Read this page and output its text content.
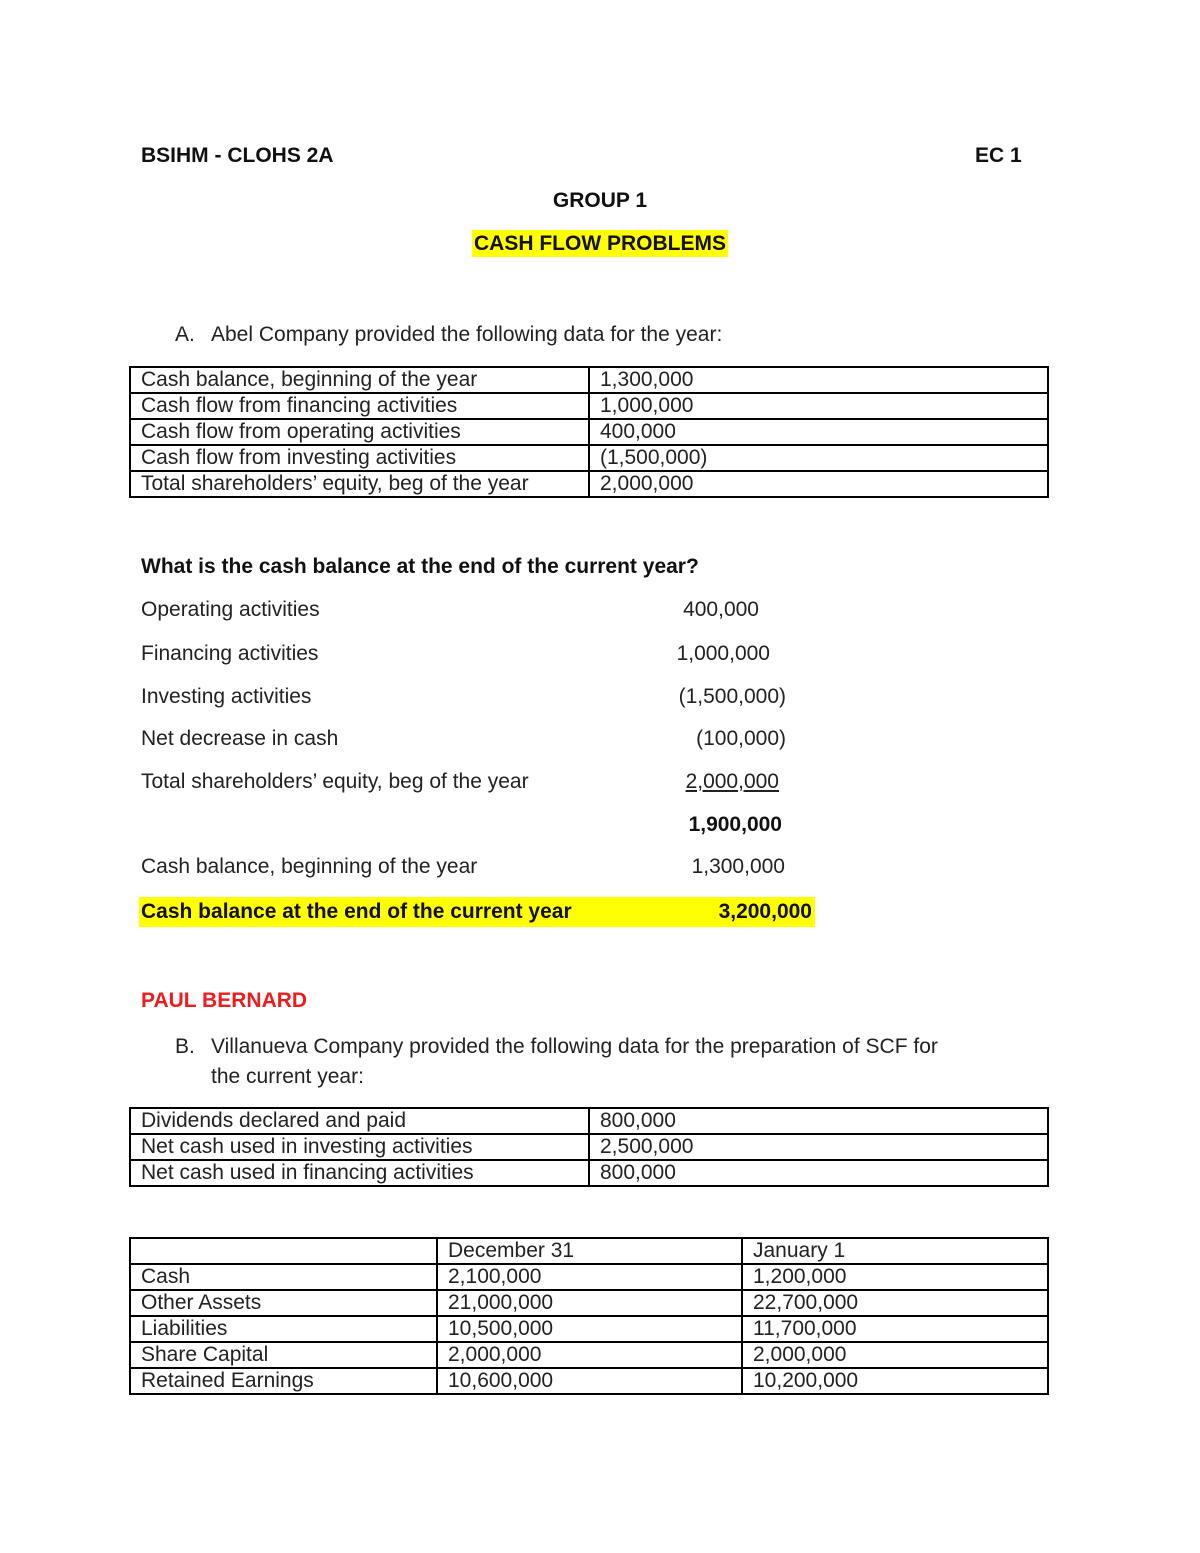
BSIHM - CLOHS 2A	EC 1
GROUP 1
CASH FLOW PROBLEMS
A. Abel Company provided the following data for the year:
Cash balance, beginning of the year	1,300,000
Cash flow from financing activities	1,000,000
Cash flow from operating activities	400,000
Cash flow from investing activities	(1,500,000)
Total shareholders’ equity, beg of the year	2,000,000
What is the cash balance at the end of the current year?
Operating activities	400,000
Financing activities	1,000,000
Investing activities	(1,500,000)
Net decrease in cash	(100,000)
Total shareholders’ equity, beg of the year	2,000,000
1,900,000
Cash balance, beginning of the year	1,300,000
Cash balance at the end of the current year	3,200,000
PAUL BERNARD
B. Villanueva Company provided the following data for the preparation of SCF for
the current year:
Dividends declared and paid	800,000
Net cash used in investing activities	2,500,000
Net cash used in financing activities	800,000
	December 31	January 1
Cash	2,100,000	1,200,000
Other Assets	21,000,000	22,700,000
Liabilities	10,500,000	11,700,000
Share Capital	2,000,000	2,000,000
Retained Earnings	10,600,000	10,200,000
